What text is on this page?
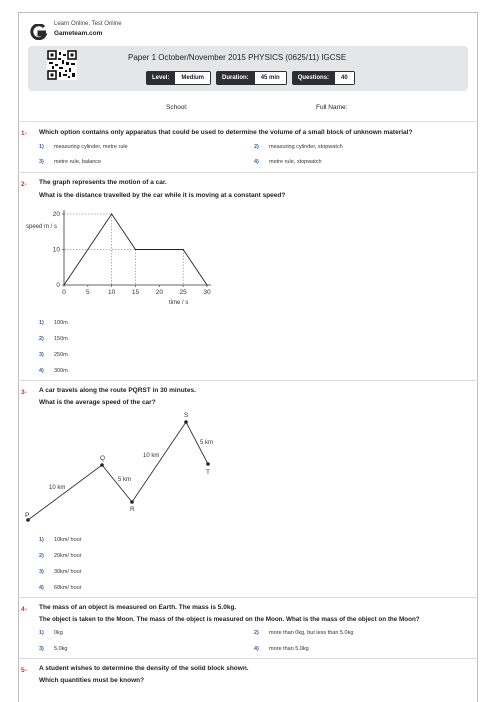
Learn Online, Test Online
Gameteam.com
Paper 1 October/November 2015 PHYSICS (0625/11) IGCSE
Level:	Medium	Duration:	45 min	Questions:	40
School:	Full Name:
1- Which option contains only apparatus that could be used to determine the volume of a small block of unknown material?
1) measuring cylinder, metre rule	2) measuring cylinder, stopwatch
3) metre rule, balance	4) metre rule, stopwatch
2- The graph represents the motion of a car.
What is the distance travelled by the car while it is moving at a constant speed?
0	5	10	15	20	25	30
0
10
20
speed m / s
time / s
1) 100m
2) 150m
3) 250m
4) 300m
3- A car travels along the route PQRST in 30 minutes.
What is the average speed of the car?
P
Q
R
S
T
10 km
5 km
10 km
5 km
1) 10km/ hour
2) 20km/ hour
3) 30km/ hour
4) 60km/ hour
4- The mass of an object is measured on Earth. The mass is 5.0kg.
The object is taken to the Moon. The mass of the object is measured on the Moon. What is the mass of the object on the Moon?
1) 0kg	2) more than 0kg, but less than 5.0kg
3) 5.0kg	4) more than 5.0kg
5- A student wishes to determine the density of the solid block shown.
Which quantities must be known?
